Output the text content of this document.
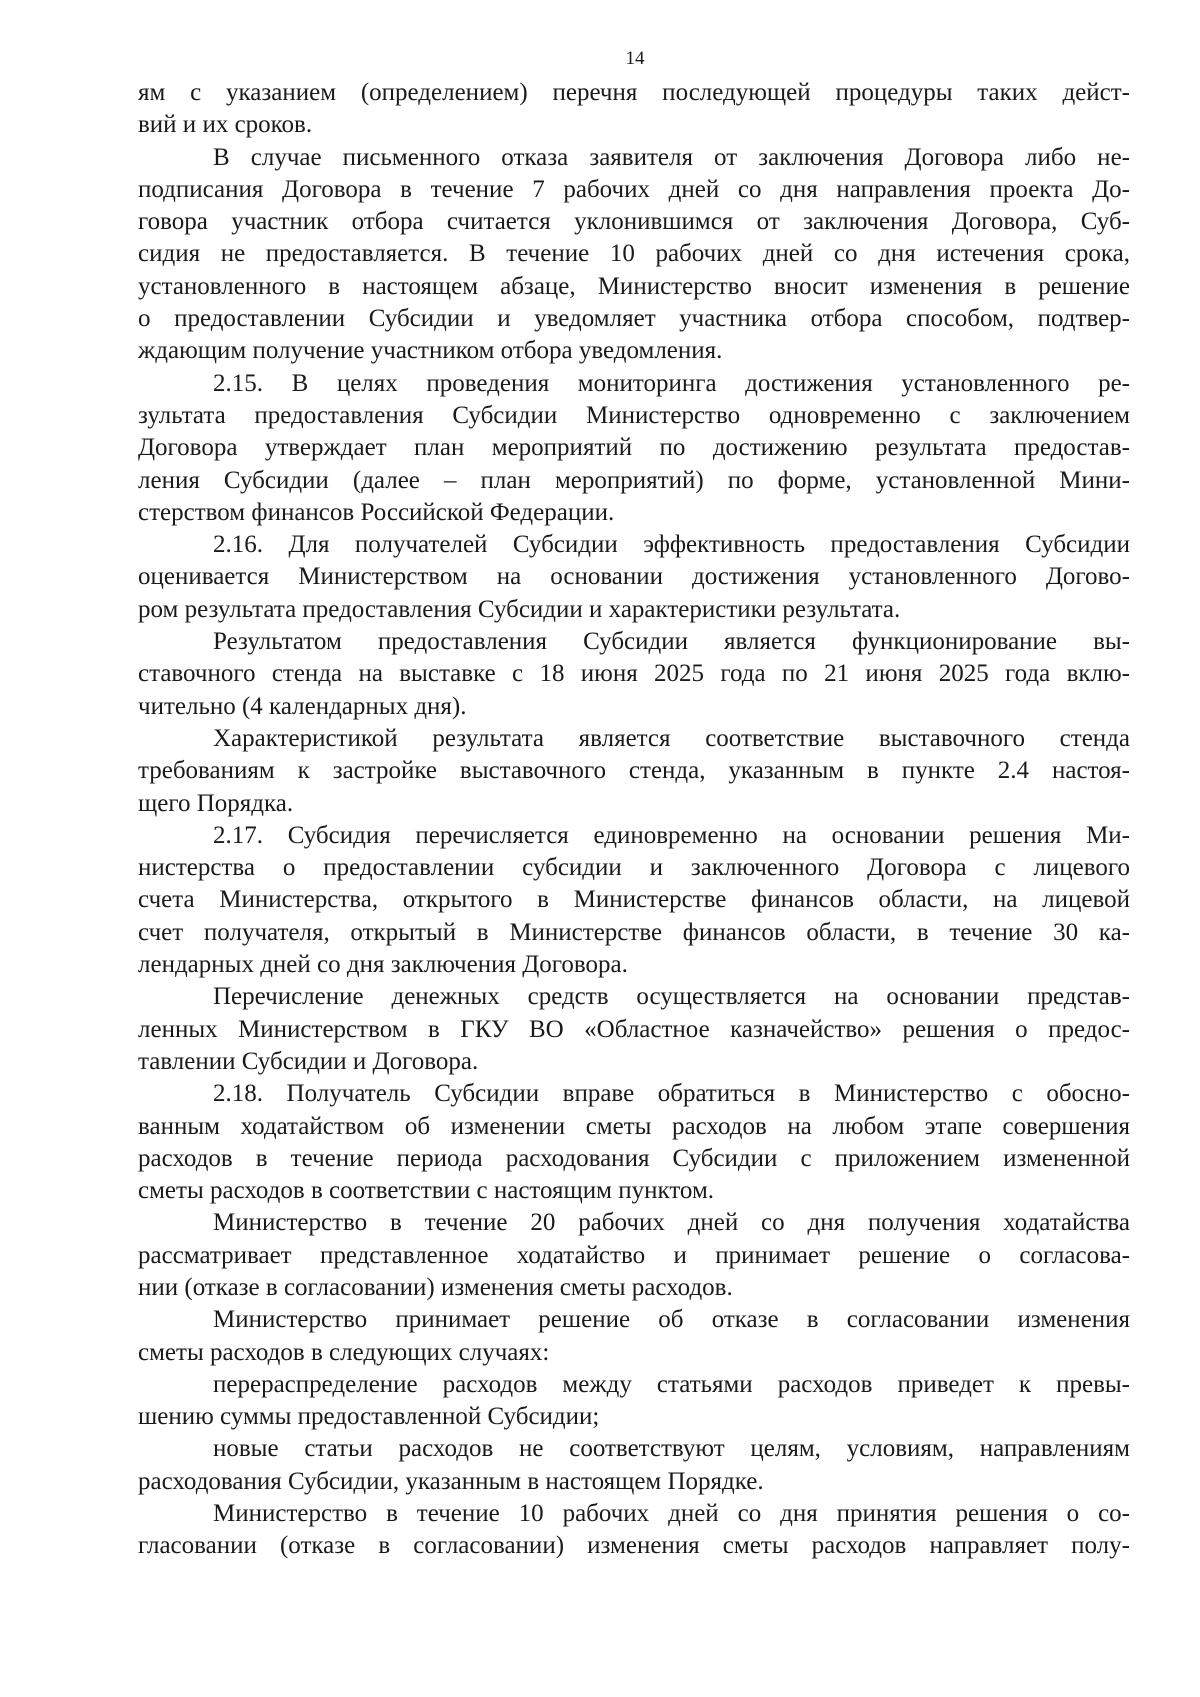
14
ям с указанием (определением) перечня последующей процедуры таких дейст-
вий и их сроков.
В случае письменного отказа заявителя от заключения Договора либо не-
подписания Договора в течение 7 рабочих дней со дня направления проекта До-
говора участник отбора считается уклонившимся от заключения Договора, Суб-
сидия не предоставляется. В течение 10 рабочих дней со дня истечения срока,
установленного в настоящем абзаце, Министерство вносит изменения в решение
о предоставлении Субсидии и уведомляет участника отбора способом, подтвер-
ждающим получение участником отбора уведомления.
2.15. В целях проведения мониторинга достижения установленного ре-
зультата предоставления Субсидии Министерство одновременно с заключением
Договора утверждает план мероприятий по достижению результата предостав-
ления Субсидии (далее – план мероприятий) по форме, установленной Мини-
стерством финансов Российской Федерации.
2.16. Для получателей Субсидии эффективность предоставления Субсидии
оценивается Министерством на основании достижения установленного Догово-
ром результата предоставления Субсидии и характеристики результата.
Результатом предоставления Субсидии является функционирование вы-
ставочного стенда на выставке с 18 июня 2025 года по 21 июня 2025 года вклю-
чительно (4 календарных дня).
Характеристикой результата является соответствие выставочного стенда
требованиям к застройке выставочного стенда, указанным в пункте 2.4 настоя-
щего Порядка.
2.17. Субсидия перечисляется единовременно на основании решения Ми-
нистерства о предоставлении субсидии и заключенного Договора с лицевого
счета Министерства, открытого в Министерстве финансов области, на лицевой
счет получателя, открытый в Министерстве финансов области, в течение 30 ка-
лендарных дней со дня заключения Договора.
Перечисление денежных средств осуществляется на основании представ-
ленных Министерством в ГКУ ВО «Областное казначейство» решения о предос-
тавлении Субсидии и Договора.
2.18. Получатель Субсидии вправе обратиться в Министерство с обосно-
ванным ходатайством об изменении сметы расходов на любом этапе совершения
расходов в течение периода расходования Субсидии с приложением измененной
сметы расходов в соответствии с настоящим пунктом.
Министерство в течение 20 рабочих дней со дня получения ходатайства
рассматривает представленное ходатайство и принимает решение о согласова-
нии (отказе в согласовании) изменения сметы расходов.
Министерство принимает решение об отказе в согласовании изменения
сметы расходов в следующих случаях:
перераспределение расходов между статьями расходов приведет к превы-
шению суммы предоставленной Субсидии;
новые статьи расходов не соответствуют целям, условиям, направлениям
расходования Субсидии, указанным в настоящем Порядке.
Министерство в течение 10 рабочих дней со дня принятия решения о со-
гласовании (отказе в согласовании) изменения сметы расходов направляет полу-
